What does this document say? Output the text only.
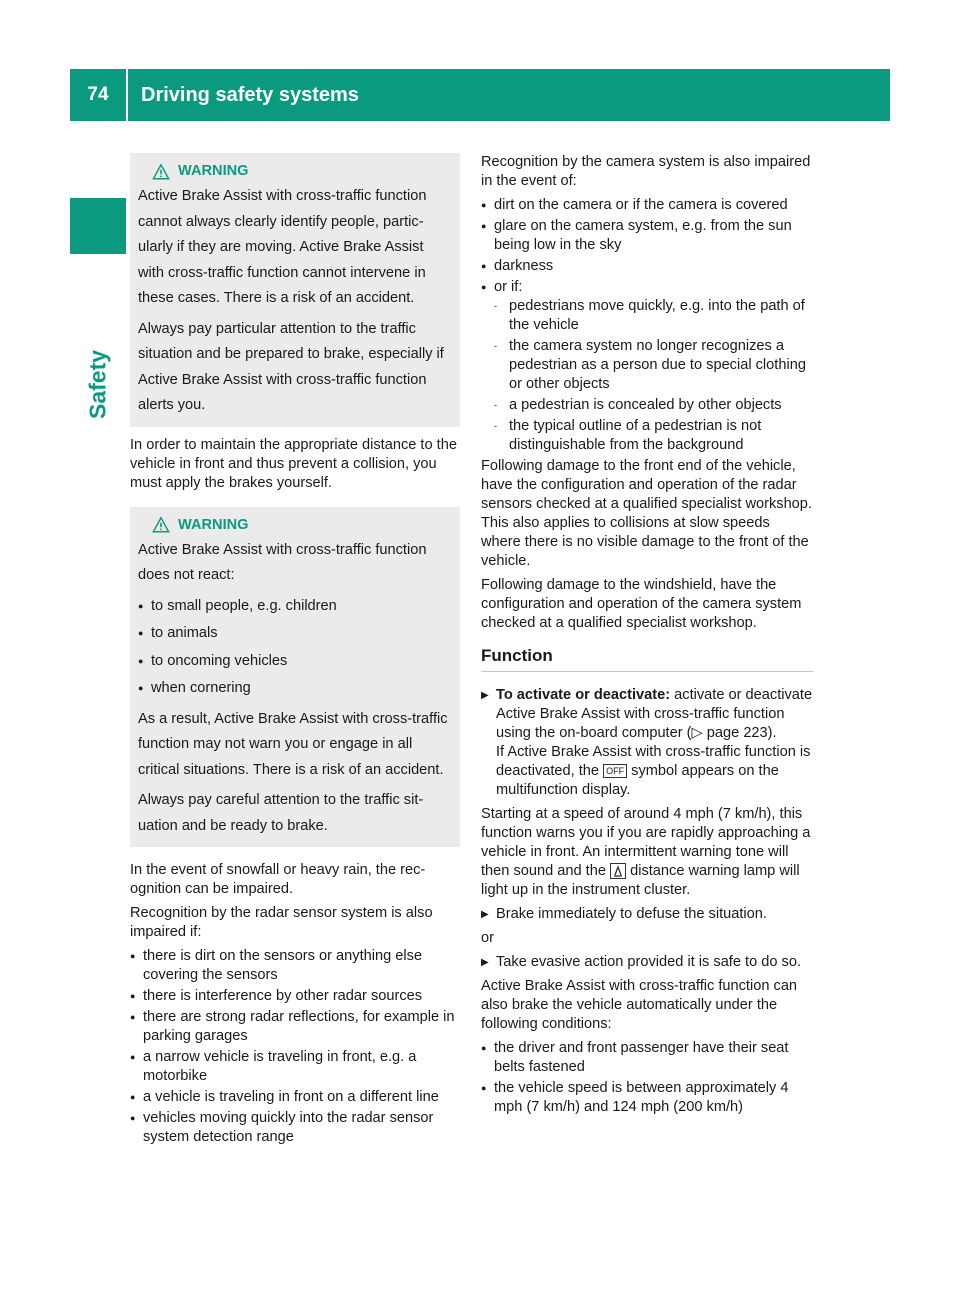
74	Driving safety systems
Safety
WARNING

Active Brake Assist with cross-traffic function cannot always clearly identify people, particularly if they are moving. Active Brake Assist with cross-traffic function cannot intervene in these cases. There is a risk of an accident.

Always pay particular attention to the traffic situation and be prepared to brake, especially if Active Brake Assist with cross-traffic function alerts you.

In order to maintain the appropriate distance to the vehicle in front and thus prevent a collision, you must apply the brakes yourself.

WARNING

Active Brake Assist with cross-traffic function does not react:

● to small people, e.g. children
● to animals
● to oncoming vehicles
● when cornering

As a result, Active Brake Assist with cross-traffic function may not warn you or engage in all critical situations. There is a risk of an accident.

Always pay careful attention to the traffic situation and be ready to brake.

In the event of snowfall or heavy rain, the recognition can be impaired.

Recognition by the radar sensor system is also impaired if:

● there is dirt on the sensors or anything else covering the sensors
● there is interference by other radar sources
● there are strong radar reflections, for example in parking garages
● a narrow vehicle is traveling in front, e.g. a motorbike
● a vehicle is traveling in front on a different line
● vehicles moving quickly into the radar sensor system detection range

Recognition by the camera system is also impaired in the event of:

● dirt on the camera or if the camera is covered
● glare on the camera system, e.g. from the sun being low in the sky
● darkness
● or if:
- pedestrians move quickly, e.g. into the path of the vehicle
- the camera system no longer recognizes a pedestrian as a person due to special clothing or other objects
- a pedestrian is concealed by other objects
- the typical outline of a pedestrian is not distinguishable from the background

Following damage to the front end of the vehicle, have the configuration and operation of the radar sensors checked at a qualified specialist workshop. This also applies to collisions at slow speeds where there is no visible damage to the front of the vehicle.

Following damage to the windshield, have the configuration and operation of the camera system checked at a qualified specialist workshop.

Function
▶ To activate or deactivate: activate or deactivate Active Brake Assist with cross-traffic function using the on-board computer (▷ page 223).
If Active Brake Assist with cross-traffic function is deactivated, the OFF symbol appears on the multifunction display.

Starting at a speed of around 4 mph (7 km/h), this function warns you if you are rapidly approaching a vehicle in front. An intermittent warning tone will then sound and the distance warning lamp will light up in the instrument cluster.

▶ Brake immediately to defuse the situation.

or

▶ Take evasive action provided it is safe to do so.

Active Brake Assist with cross-traffic function can also brake the vehicle automatically under the following conditions:

● the driver and front passenger have their seat belts fastened
● the vehicle speed is between approximately 4 mph (7 km/h) and 124 mph (200 km/h)
